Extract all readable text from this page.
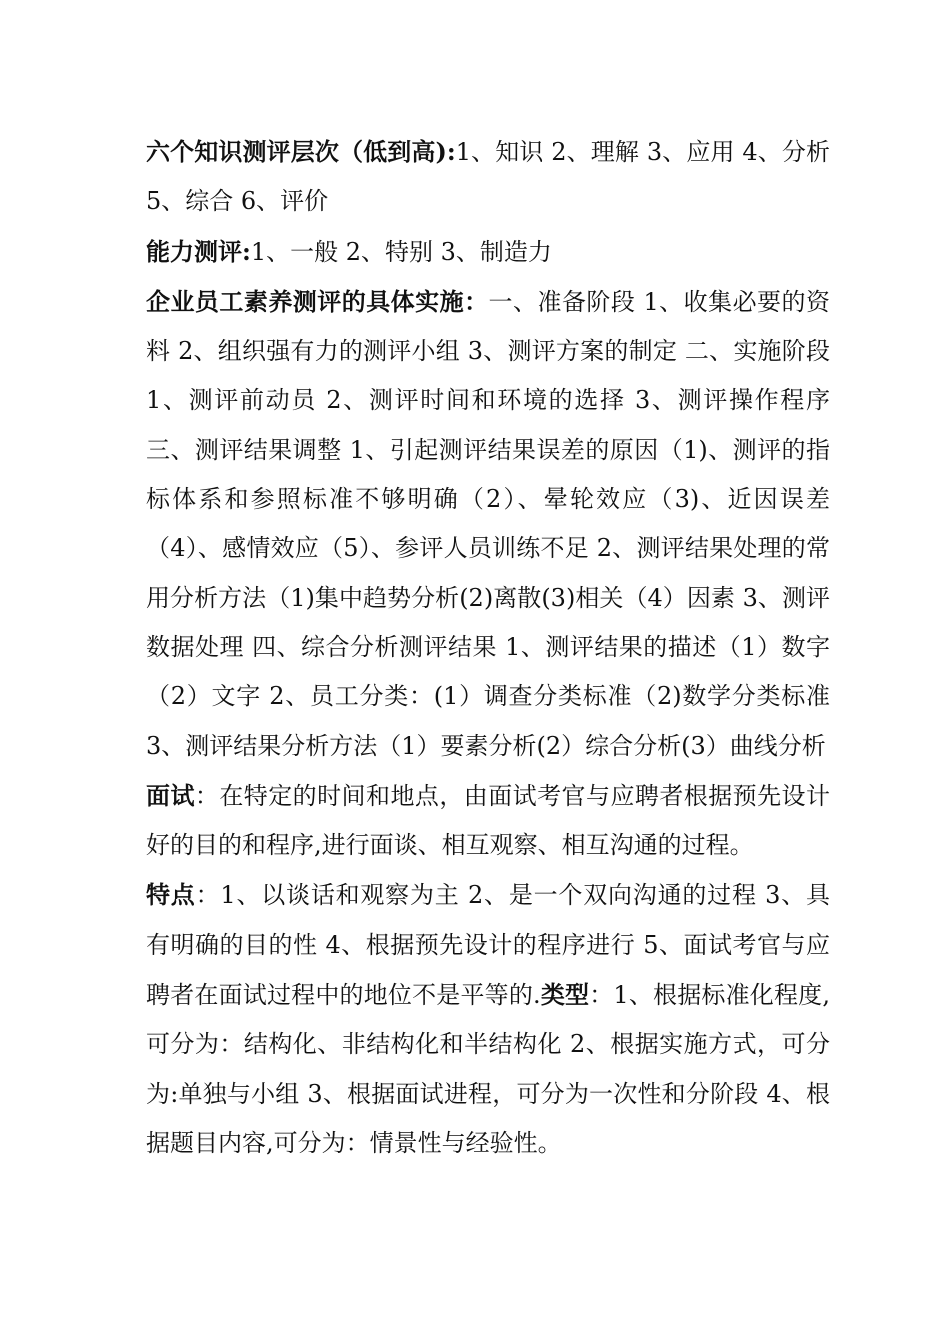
六个知识测评层次（低到高):1、知识 2、理解 3、应用 4、分析 5、综合 6、评价

能力测评:1、一般 2、特别 3、制造力

企业员工素养测评的具体实施：一、准备阶段 1、收集必要的资料 2、组织强有力的测评小组 3、测评方案的制定 二、实施阶段 1、测评前动员 2、测评时间和环境的选择 3、测评操作程序 三、测评结果调整 1、引起测评结果误差的原因（1)、测评的指标体系和参照标准不够明确（2）、晕轮效应（3)、近因误差（4）、感情效应（5）、参评人员训练不足 2、测评结果处理的常用分析方法（1)集中趋势分析(2)离散(3)相关（4）因素 3、测评数据处理 四、综合分析测评结果 1、测评结果的描述（1）数字（2）文字 2、员工分类：(1）调查分类标准（2)数学分类标准 3、测评结果分析方法（1）要素分析(2）综合分析(3）曲线分析

面试：在特定的时间和地点，由面试考官与应聘者根据预先设计好的目的和程序,进行面谈、相互观察、相互沟通的过程。

特点：1、以谈话和观察为主 2、是一个双向沟通的过程 3、具有明确的目的性 4、根据预先设计的程序进行 5、面试考官与应聘者在面试过程中的地位不是平等的.类型：1、根据标准化程度,可分为：结构化、非结构化和半结构化 2、根据实施方式，可分为:单独与小组 3、根据面试进程，可分为一次性和分阶段 4、根据题目内容,可分为：情景性与经验性。
